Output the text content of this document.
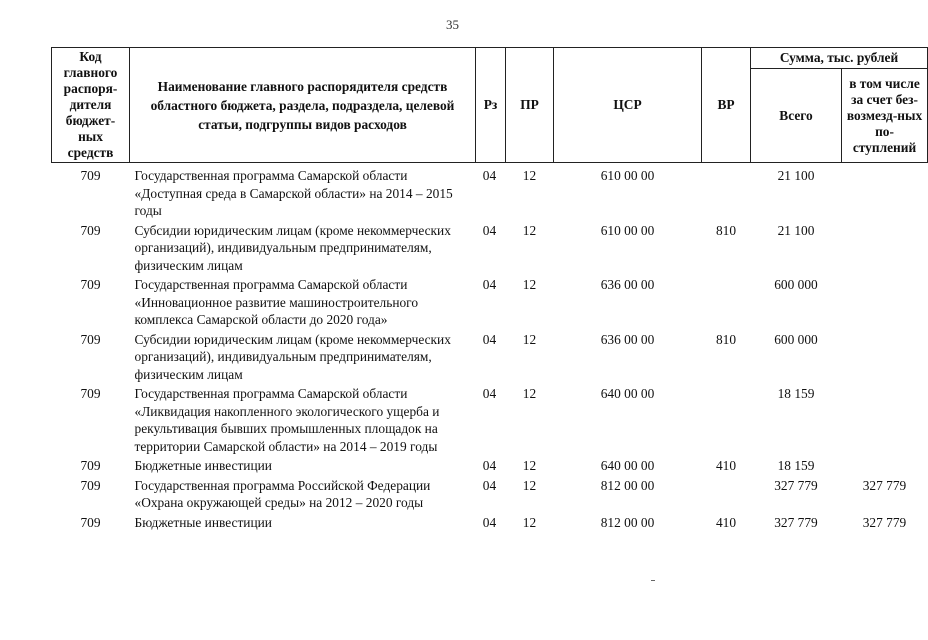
35
Код главного распоря-дителя бюджет-ных средств	Наименование главного распорядителя средств областного бюджета, раздела, подраздела, целевой статьи, подгруппы видов расходов	Рз	ПР	ЦСР	ВР	Сумма, тыс. рублей	
						Всего	в том числе за счет без-возмезд-ных по-ступлений
709	Государственная программа Самарской области «Доступная среда в Самарской области» на 2014 – 2015 годы	04	12	610 00 00		21 100	
709	Субсидии юридическим лицам (кроме некоммерческих организаций), индивидуальным предпринимателям, физическим лицам	04	12	610 00 00	810	21 100	
709	Государственная программа Самарской области «Инновационное развитие машиностроительного комплекса Самарской области до 2020 года»	04	12	636 00 00		600 000	
709	Субсидии юридическим лицам (кроме некоммерческих организаций), индивидуальным предпринимателям, физическим лицам	04	12	636 00 00	810	600 000	
709	Государственная программа Самарской области «Ликвидация накопленного экологического ущерба и рекультивация бывших промышленных площадок на территории Самарской области» на 2014 – 2019 годы	04	12	640 00 00		18 159	
709	Бюджетные инвестиции	04	12	640 00 00	410	18 159	
709	Государственная программа Российской Федерации «Охрана окружающей среды» на 2012 – 2020 годы	04	12	812 00 00		327 779	327 779
709	Бюджетные инвестиции	04	12	812 00 00	410	327 779	327 779
